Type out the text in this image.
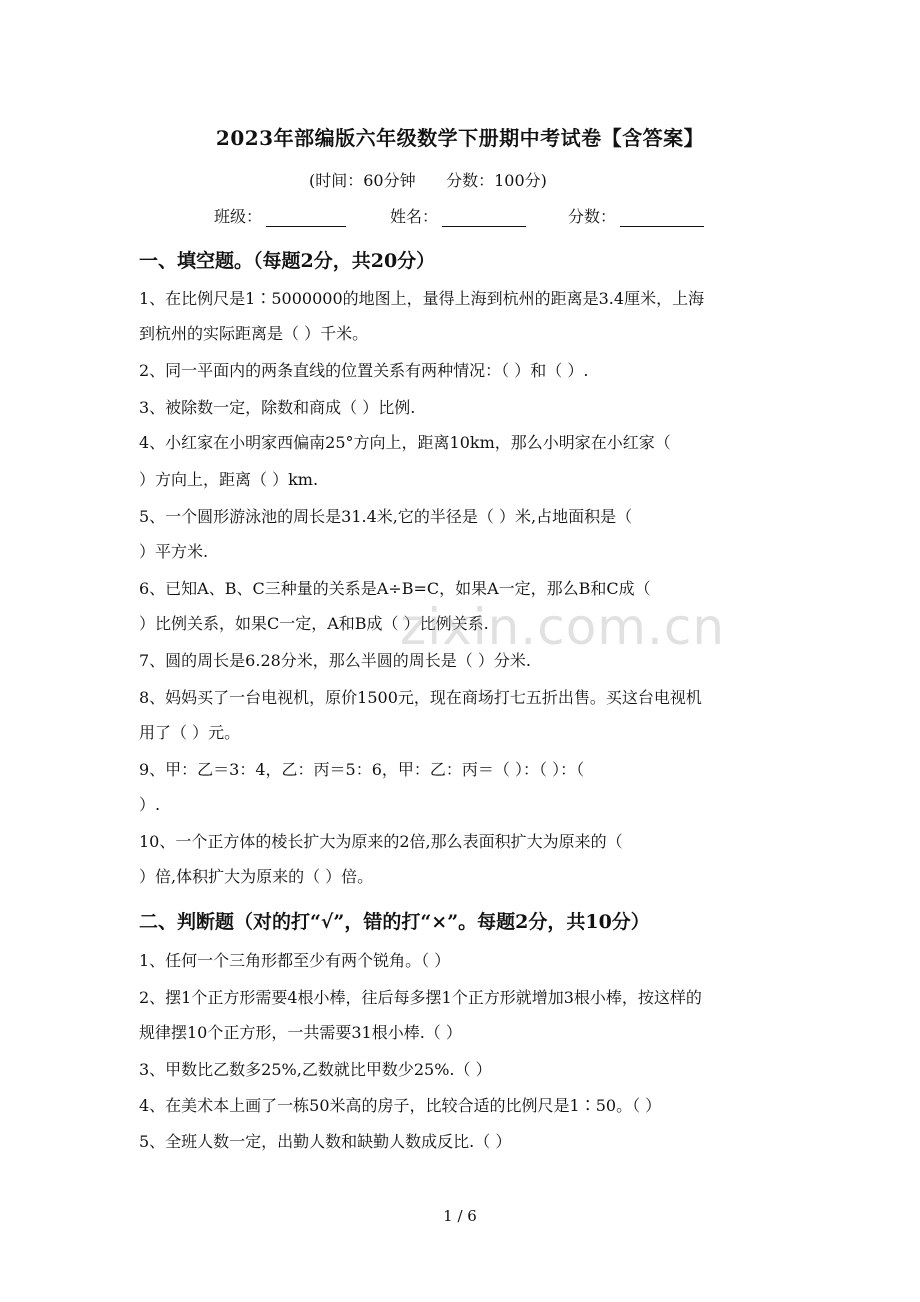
2023年部编版六年级数学下册期中考试卷【含答案】
(时间：60分钟      分数：100分)
班级：	姓名：	分数：
一、填空题。（每题2分，共20分）
1、在比例尺是1∶5000000的地图上，量得上海到杭州的距离是3.4厘米，上海
到杭州的实际距离是（ ）千米。
2、同一平面内的两条直线的位置关系有两种情况：（ ）和（ ）.
3、被除数一定，除数和商成（ ）比例.
4、小红家在小明家西偏南25°方向上，距离10km，那么小明家在小红家（
）方向上，距离（ ）km.
5、一个圆形游泳池的周长是31.4米,它的半径是（ ）米,占地面积是（
）平方米.
6、已知A、B、C三种量的关系是A÷B=C，如果A一定，那么B和C成（
）比例关系，如果C一定，A和B成（ ）比例关系.
7、圆的周长是6.28分米，那么半圆的周长是（ ）分米.
8、妈妈买了一台电视机，原价1500元，现在商场打七五折出售。买这台电视机
用了（ ）元。
9、甲：乙＝3：4，乙：丙＝5：6，甲：乙：丙＝（ ）：（ ）：（
）.
10、一个正方体的棱长扩大为原来的2倍,那么表面积扩大为原来的（
）倍,体积扩大为原来的（ ）倍。
二、判断题（对的打“√”，错的打“×”。每题2分，共10分）
1、任何一个三角形都至少有两个锐角。（ ）
2、摆1个正方形需要4根小棒，往后每多摆1个正方形就增加3根小棒，按这样的
规律摆10个正方形，一共需要31根小棒.（ ）
3、甲数比乙数多25%,乙数就比甲数少25%.（ ）
4、在美术本上画了一栋50米高的房子，比较合适的比例尺是1∶50。（ ）
5、全班人数一定，出勤人数和缺勤人数成反比.（ ）
zixin.com.cn
1 / 6
